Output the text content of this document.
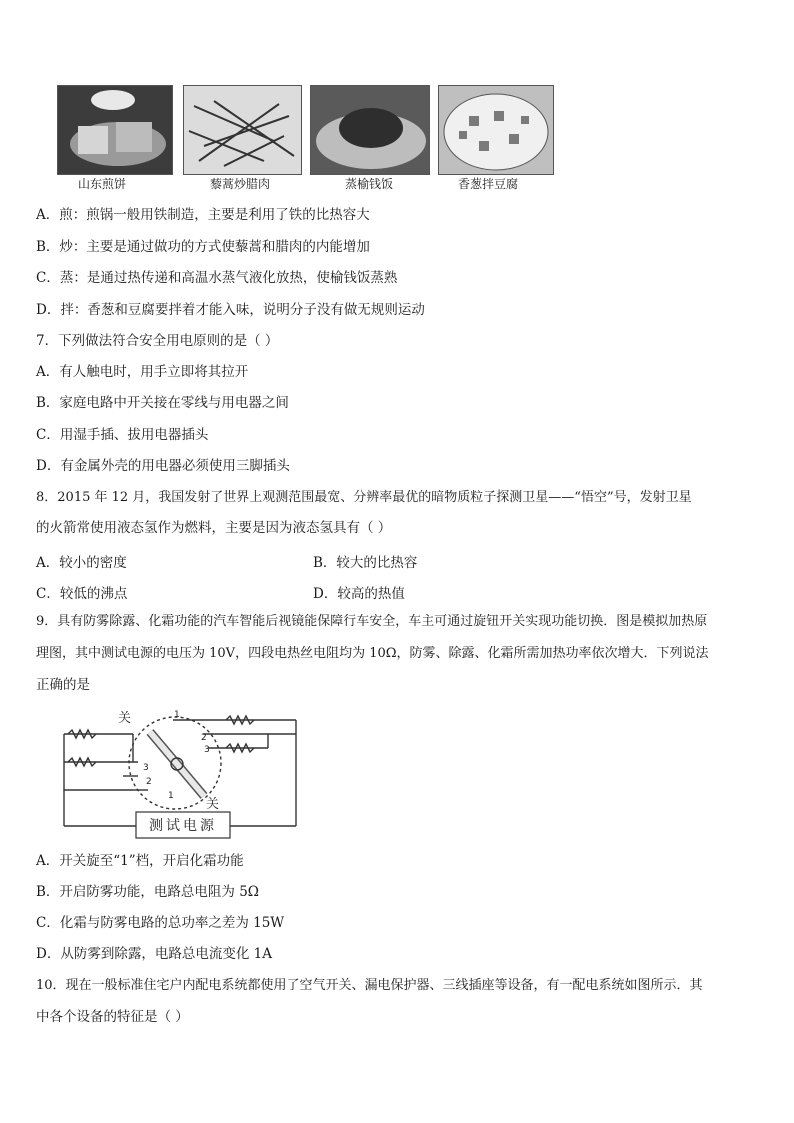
山东煎饼	藜蒿炒腊肉	蒸榆钱饭	香葱拌豆腐
A．煎：煎锅一般用铁制造，主要是利用了铁的比热容大
B．炒：主要是通过做功的方式使藜蒿和腊肉的内能增加
C．蒸：是通过热传递和高温水蒸气液化放热，使榆钱饭蒸熟
D．拌：香葱和豆腐要拌着才能入味，说明分子没有做无规则运动
7．下列做法符合安全用电原则的是（ ）
A．有人触电时，用手立即将其拉开
B．家庭电路中开关接在零线与用电器之间
C．用湿手插、拔用电器插头
D．有金属外壳的用电器必须使用三脚插头
8．2015 年 12 月，我国发射了世界上观测范围最宽、分辨率最优的暗物质粒子探测卫星——“悟空”号，发射卫星
的火箭常使用液态氢作为燃料，主要是因为液态氢具有（ ）
A．较小的密度	B．较大的比热容
C．较低的沸点	D．较高的热值
9．具有防雾除露、化霜功能的汽车智能后视镜能保障行车安全，车主可通过旋钮开关实现功能切换．图是模拟加热原
理图，其中测试电源的电压为 10V，四段电热丝电阻均为 10Ω，防雾、除露、化霜所需加热功率依次增大．下列说法
正确的是
1
2
3
3
2
1
关
关
测试电源
A．开关旋至“1”档，开启化霜功能
B．开启防雾功能，电路总电阻为 5Ω
C．化霜与防雾电路的总功率之差为 15W
D．从防雾到除露，电路总电流变化 1A
10．现在一般标准住宅户内配电系统都使用了空气开关、漏电保护器、三线插座等设备，有一配电系统如图所示．其
中各个设备的特征是（ ）
